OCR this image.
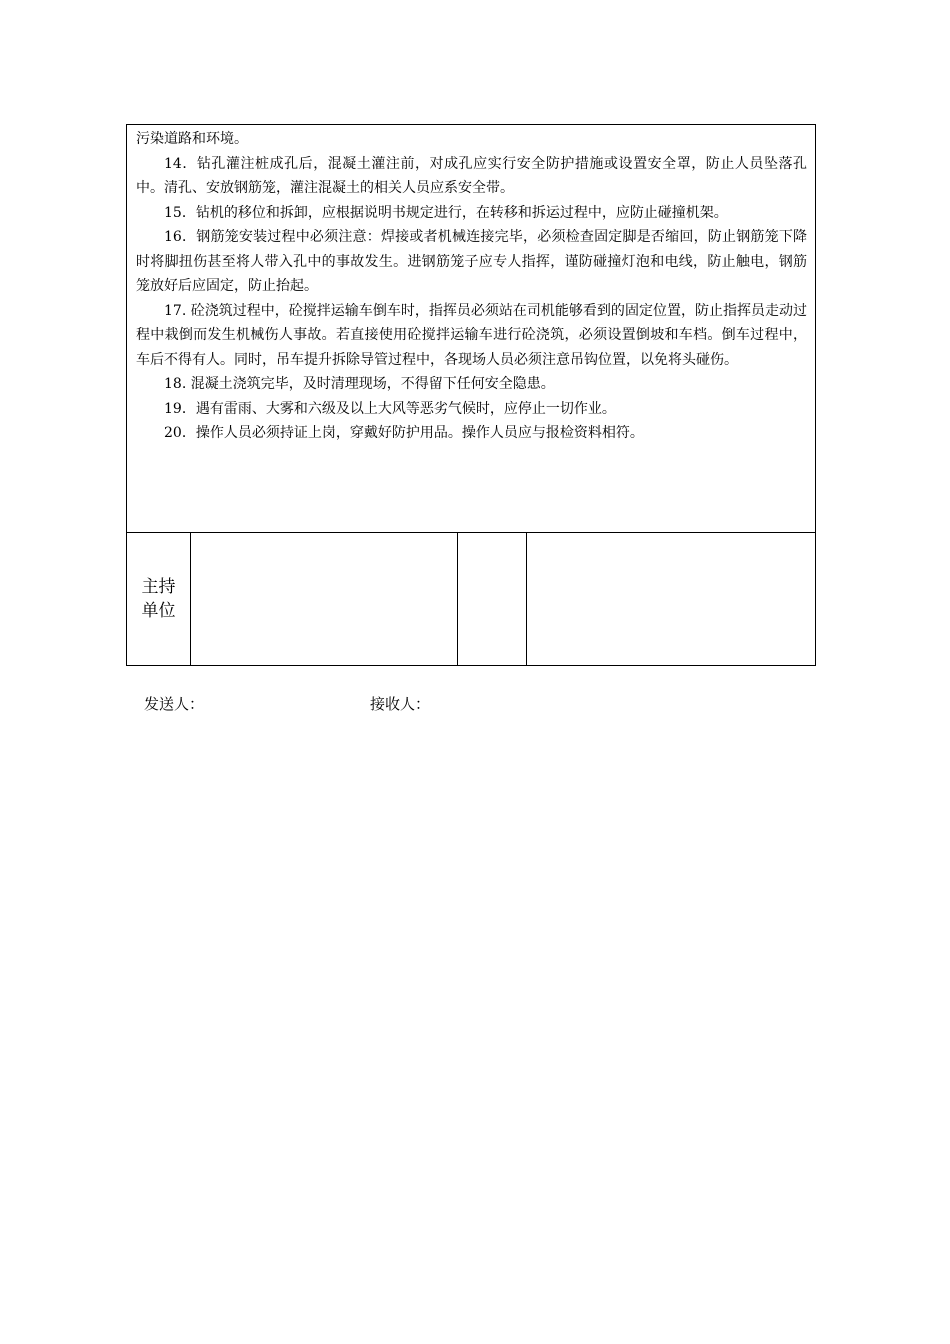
污染道路和环境。

14．钻孔灌注桩成孔后，混凝土灌注前，对成孔应实行安全防护措施或设置安全罩，防止人员坠落孔中。清孔、安放钢筋笼，灌注混凝土的相关人员应系安全带。

15．钻机的移位和拆卸，应根据说明书规定进行，在转移和拆运过程中，应防止碰撞机架。

16．钢筋笼安装过程中必须注意：焊接或者机械连接完毕，必须检查固定脚是否缩回，防止钢筋笼下降时将脚扭伤甚至将人带入孔中的事故发生。进钢筋笼子应专人指挥，谨防碰撞灯泡和电线，防止触电，钢筋笼放好后应固定，防止抬起。

17. 砼浇筑过程中，砼搅拌运输车倒车时，指挥员必须站在司机能够看到的固定位置，防止指挥员走动过程中栽倒而发生机械伤人事故。若直接使用砼搅拌运输车进行砼浇筑，必须设置倒坡和车档。倒车过程中，车后不得有人。同时，吊车提升拆除导管过程中，各现场人员必须注意吊钩位置，以免将头碰伤。

18. 混凝土浇筑完毕，及时清理现场，不得留下任何安全隐患。

19．遇有雷雨、大雾和六级及以上大风等恶劣气候时，应停止一切作业。

20．操作人员必须持证上岗，穿戴好防护用品。操作人员应与报检资料相符。

主持
单位

发送人：	接收人：
